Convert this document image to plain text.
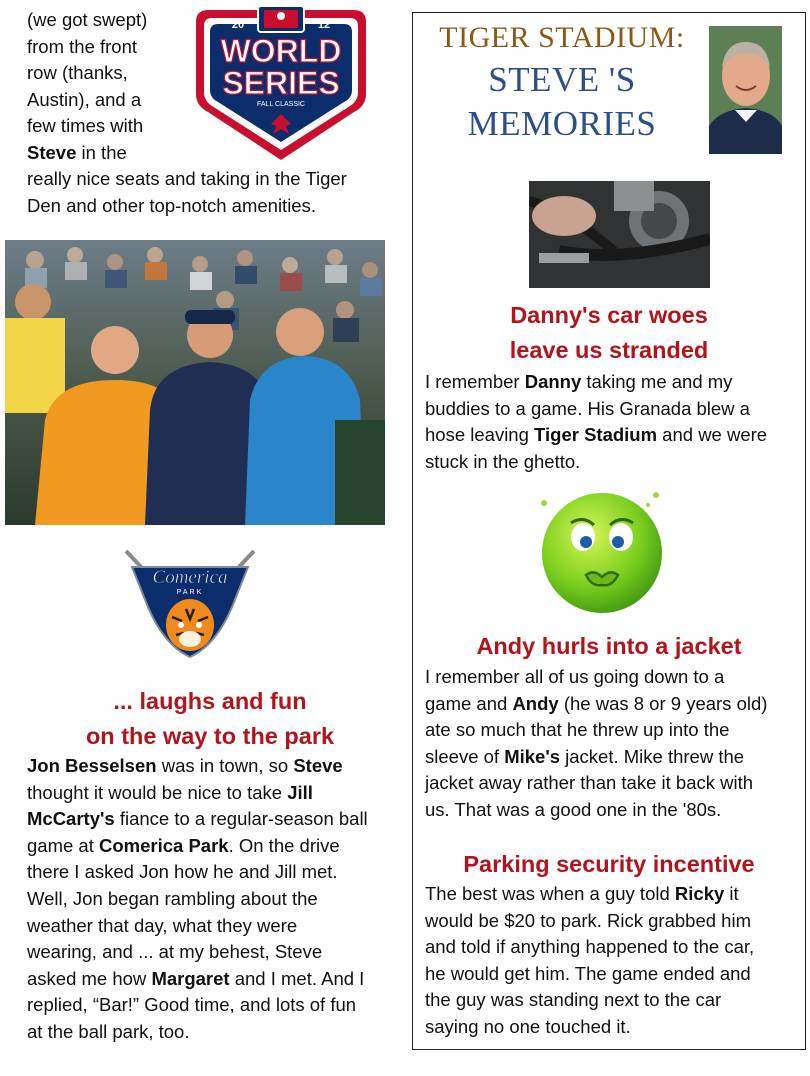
(we got swept)
from the front
row (thanks,
Austin), and a
few times with
Steve in the
really nice seats and taking in the Tiger
Den and other top-notch amenities.
20	12
WORLD
SERIES
FALL CLASSIC
Comerica
PARK
... laughs and fun
on the way to the park
Jon Besselsen was in town, so Steve
thought it would be nice to take Jill
McCarty's fiance to a regular-season ball
game at Comerica Park. On the drive
there I asked Jon how he and Jill met.
Well, Jon began rambling about the
weather that day, what they were
wearing, and ... at my behest, Steve
asked me how Margaret and I met. And I
replied, “Bar!” Good time, and lots of fun
at the ball park, too.
TIGER STADIUM:
STEVE 'S
MEMORIES
Danny's car woes
leave us stranded
I remember Danny taking me and my
buddies to a game. His Granada blew a
hose leaving Tiger Stadium and we were
stuck in the ghetto.
Andy hurls into a jacket
I remember all of us going down to a
game and Andy (he was 8 or 9 years old)
ate so much that he threw up into the
sleeve of Mike's jacket. Mike threw the
jacket away rather than take it back with
us. That was a good one in the '80s.
Parking security incentive
The best was when a guy told Ricky it
would be $20 to park. Rick grabbed him
and told if anything happened to the car,
he would get him. The game ended and
the guy was standing next to the car
saying no one touched it.
